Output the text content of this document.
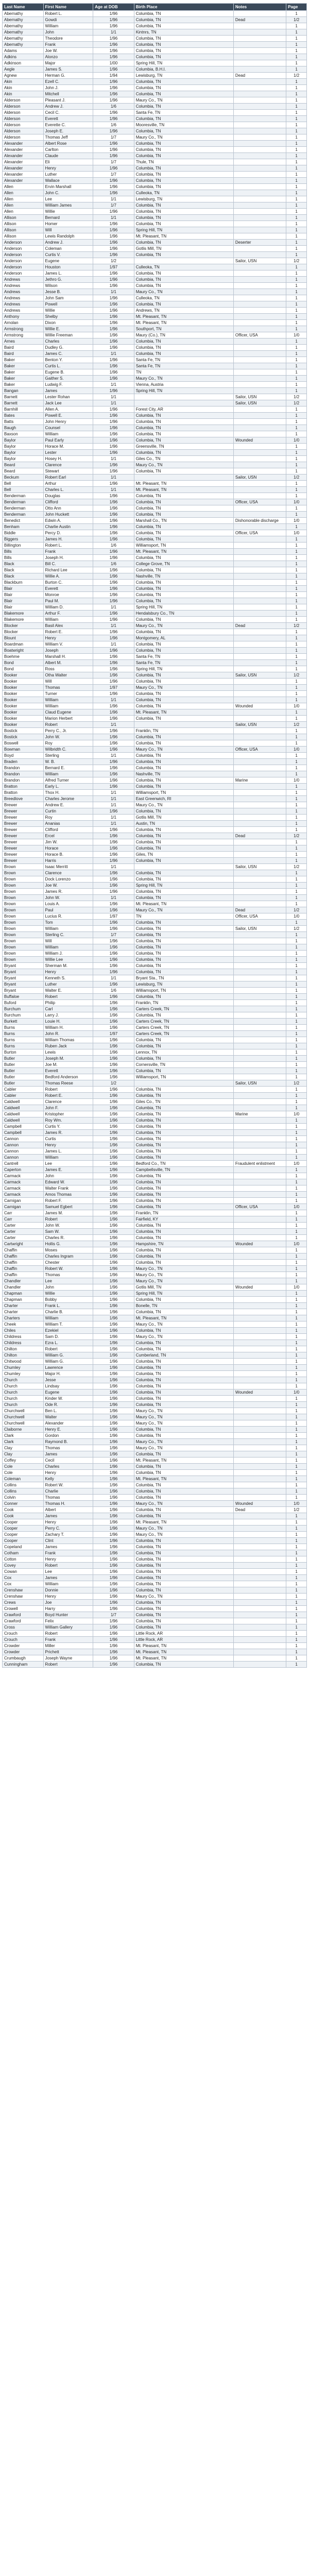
Last Name	First Name	Age at DOB	Birth Place	Notes	Page
Abernathy	Robert L.	1/96	Columbia, TN		1
Abernathy	Gowdi	1/96	Columbia, TN	Dead	1/2
Abernathy	William	1/96	Columbia, TN		1
Abernathy	John	1/1	Kintnrs, TN		1
Abernathy	Theodore	1/96	Columbia, TN		1
Abernathy	Frank	1/96	Columbia, TN		1
Adams	Joe W.	1/96	Columbia, TN		1
Adkins	Alonzo	1/96	Columbia, TN		1
Adkinson	Major	1/00	Spring Hill, TN		1
Aegle	James S.	1/96	Columbia, B.H.I.		1
Agnew	Herman G.	1/94	Lewisburg, TN	Dead	1/2
Akin	Ezell C.	1/96	Columbia, TN		1
Akin	John J.	1/96	Columbia, TN		1
Akin	Mitchell	1/96	Columbia, TN		1
Alderson	Pleasant J.	1/96	Maury Co., TN		1
Alderson	Andrew J.	1/6	Columbia, TN		1
Alderson	Cecil C.	1/96	Santa Fe, TN		1
Alderson	Everett	1/96	Columbia, TN		1
Alderson	Everette C.	1/6	Mooresville, TN		1
Alderson	Joseph E.	1/96	Columbia, TN		1
Alderson	Thomas Jeff	1/7	Maury Co., TN		1
Alexander	Albert Rose	1/96	Columbia, TN		1
Alexander	Carlton	1/96	Columbia, TN		1
Alexander	Claude	1/96	Columbia, TN		1
Alexander	Eli	1/7	Thule, TN		1
Alexander	Henry	1/96	Columbia, TN		1
Alexander	Luther	1/7	Columbia, TN		1
Alexander	Wallace	1/96	Columbia, TN		1
Allen	Ervin Marshall	1/96	Columbia, TN		1
Allen	John C.	1/96	Culleoka, TN		1
Allen	Lee	1/1	Lewisburg, TN		1
Allen	William James	1/7	Columbia, TN		1
Allen	Willie	1/96	Columbia, TN		1
Allison	Bernard	1/1	Columbia, TN		1
Allison	Homer	1/96	Columbia, TN		1
Allison	Will	1/96	Spring Hill, TN		1
Allison	Lewis Randolph	1/96	Mt. Pleasant, TN		1
Anderson	Andrew J.	1/96	Columbia, TN	Deserter	1
Anderson	Coleman	1/96	Gotlis Mill, TN		1
Anderson	Curtis V.	1/96	Columbia, TN		1
Anderson	Eugene	1/2		Sailor, USN	1/2
Anderson	Houston	1/97	Culleoka, TN		1
Anderson	James L.	1/96	Columbia, TN		1
Andrews	Jethro G.	1/96	Columbia, TN		1
Andrews	Wilson	1/96	Columbia, TN		1
Andrews	Jesse B.	1/1	Maury Co., TN		1
Andrews	John Sam	1/96	Culleoka, TN		1
Andrews	Powell	1/96	Columbia, TN		1
Andrews	Willie	1/96	Andrews, TN		1
Anthony	Shelby	1/96	Mt. Pleasant, TN		1
Arnolan	Dixon	1/96	Mt. Pleasant, TN		1
Armstrong	Willie E.	1/96	Southport, TN		1
Armstrong	Willie Freeman	1/96	Maury (Co.), TN	Officer, USA	1/0
Arnes	Charles	1/96	Columbia, TN		1
Baird	Dudley G.	1/96	Columbia, TN		1
Baird	James C.	1/1	Columbia, TN		1
Baker	Benton Y.	1/96	Santa Fe, TN		1
Baker	Curtis L.	1/96	Santa Fe, TN		1
Baker	Eugene B.	1/96	TN		1
Baker	Gaither S.	1/96	Maury Co., TN		1
Baker	Ludwig F.	1/1	Vienna, Austria		1
Bangan	James	1/96	Spring Hill, TN		1
Barnett	Lester Rohan	1/1		Sailor, USN	1/2
Barnett	Jack Lee	1/1		Sailor, USN	1/2
Barnhill	Allen A.	1/96	Forest City, AR		1
Bates	Powell E.	1/96	Columbia, TN		1
Batts	John Henry	1/96	Columbia, TN		1
Baugh	Counsel	1/96	Columbia, TN		1
Baxson	William	1/96	Columbia, TN		1
Baylor	Paul Early	1/96	Columbia, TN	Wounded	1/0
Baylor	Horace M.	1/96	Greensville, TN		1
Baylor	Lester	1/96	Columbia, TN		1
Baylor	Hosey H.	1/1	Giles Co., TN		1
Beard	Clarence	1/96	Maury Co., TN		1
Beard	Stewart	1/96	Columbia, TN		1
Beckum	Robert Earl	1/1		Sailor, USN	1/2
Bell	Arthur	1/96	Mt. Pleasant, TN		1
Bell	Charles L.	1/1	Mt. Pleasant, TN		1
Benderman	Douglas	1/96	Columbia, TN		1
Benderman	Clifford	1/96	Columbia, TN	Officer, USA	1/0
Benderman	Otto Ann	1/96	Columbia, TN		1
Benderman	John Huckett	1/96	Columbia, TN		1
Benedict	Edwin A.	1/96	Marshall Co., TN	Dishonorable discharge	1/0
Benham	Charlie Austin	1/96	Columbia, TN		1
Biddle	Percy D.	1/96	Columbia, TN	Officer, USA	1/0
Biggers	James H.	1/96	Columbia, TN		1
Billington	Robert L.	1/6	Williamsport, TN		1
Bills	Frank	1/96	Mt. Pleasant, TN		1
Bills	Joseph H.	1/96	Columbia, TN		1
Black	Bill C.	1/6	College Grove, TN		1
Black	Richard Lee	1/96	Columbia, TN		1
Black	Willie A.	1/96	Nashville, TN		1
Blackburn	Burton C.	1/96	Columbia, TN		1
Blair	Everett	1/96	Columbia, TN		1
Blair	Monroe	1/96	Columbia, TN		1
Blair	Paul M.	1/96	Columbia, TN		1
Blair	William D.	1/1	Spring Hill, TN		1
Blakemore	Arthur F.	1/96	Hendalsbury Co., TN		1
Blakemore	William	1/96	Columbia, TN		1
Blocker	Basil Alex	1/1	Maury Co., TN	Dead	1/2
Blocker	Robert E.	1/96	Columbia, TN		1
Blount	Henry	1/96	Montgomery, AL		1
Boardman	William V.	1/1	Columbia, TN		1
Boatwright	Joseph	1/96	Columbia, TN		1
Boehme	Marshall H.	1/96	Santa Fe, TN		1
Bond	Albert M.	1/96	Santa Fe, TN		1
Bond	Ross	1/96	Spring Hill, TN		1
Booker	Otha Walter	1/96	Columbia, TN	Sailor, USN	1/2
Booker	Will	1/96	Columbia, TN		1
Booker	Thomas	1/97	Maury Co., TN		1
Booker	Turner	1/96	Columbia, TN		1
Booker	William	1/1	Columbia, TN		1
Booker	William	1/96	Columbia, TN	Wounded	1/0
Booker	Claud Eugene	1/96	Mt. Pleasant, TN		1
Booker	Marion Herbert	1/96	Columbia, TN		1
Booker	Robert	1/1		Sailor, USN	1/2
Bostick	Perry C., Jr.	1/96	Franklin, TN		1
Bostick	John W.	1/96	Columbia, TN		1
Boswell	Roy	1/96	Columbia, TN		1
Bowman	Wilbridth C.	1/96	Maury Co., TN	Officer, USA	1/0
Boyd	Sterling	1/1	Columbia, TN		1
Braden	W. B.	1/96	Columbia, TN		1
Brandon	Bernard E.	1/96	Columbia, TN		1
Brandon	William	1/96	Nashville, TN		1
Brandon	Alfred Turner	1/96	Columbia, TN	Marine	1/0
Bratton	Early L.	1/96	Columbia, TN		1
Bratton	Thox H.	1/1	Williamsport, TN		1
Breedlove	Charles Jerome	1/1	East Greenwich, RI		1
Brewer	Andrew E.	1/1	Maury Co., TN		1
Brewer	Curtin	1/96	Columbia, TN		1
Brewer	Roy	1/1	Gotlis Mill, TN		1
Brewer	Ananias	1/1	Austin, TN		1
Brewer	Clifford	1/96	Columbia, TN		1
Brewer	Ercel	1/96	Columbia, TN	Dead	1/2
Brewer	Jim W.	1/96	Columbia, TN		1
Brewer	Horace	1/96	Columbia, TN		1
Brewer	Horace B.	1/96	Giles, TN		1
Brewer	Harris	1/96	Columbia, TN		1
Brown	Isaac Merritt	1/1		Sailor, USN	1/2
Brown	Clarence	1/96	Columbia, TN		1
Brown	Dock Lorenzo	1/96	Columbia, TN		1
Brown	Joe W.	1/96	Spring Hill, TN		1
Brown	James R.	1/96	Columbia, TN		1
Brown	John W.	1/1	Columbia, TN		1
Brown	Louis A.	1/96	Mt. Pleasant, TN		1
Brown	Paul	1/96	Maury Co., TN	Dead	1/2
Brown	Lucius R.	1/97	TN	Officer, USA	1/0
Brown	Tom	1/96	Columbia, TN		1
Brown	William	1/96	Columbia, TN	Sailor, USN	1/2
Brown	Sterling C.	1/7	Columbia, TN		1
Brown	Will	1/96	Columbia, TN		1
Brown	William	1/96	Columbia, TN		1
Brown	William J.	1/96	Columbia, TN		1
Brown	Willie Lee	1/96	Columbia, TN		1
Bryant	Sherman M.	1/96	Columbia, TN		1
Bryant	Henry	1/96	Columbia, TN		1
Bryant	Kenneth S.	1/1	Bryant Sta., TN		1
Bryant	Luther	1/96	Lewisburg, TN		1
Bryant	Walter E.	1/6	Williamsport, TN		1
Buffaloe	Robert	1/96	Columbia, TN		1
Buford	Philip	1/96	Franklin, TN		1
Burchum	Carl	1/96	Carters Creek, TN		1
Burchum	Larry J.	1/96	Columbia, TN		1
Burkett	Louie H.	1/96	Carters Creek, TN		1
Burns	William H.	1/96	Carters Creek, TN		1
Burns	John R.	1/97	Carters Creek, TN		1
Burns	William Thomas	1/96	Columbia, TN		1
Burns	Ruben Jack	1/96	Columbia, TN		1
Burton	Lewis	1/96	Lennox, TN		1
Butler	Joseph M.	1/96	Columbia, TN		1
Butler	Joe M.	1/96	Cornersville, TN		1
Butler	Everett	1/96	Columbia, TN		1
Butler	Bedford Anderson	1/96	Williamsport, TN		1
Butler	Thomas Reese	1/2		Sailor, USN	1/2
Cabler	Robert	1/96	Columbia, TN		1
Cabler	Robert E.	1/96	Columbia, TN		1
Caldwell	Clarence	1/96	Giles Co., TN		1
Caldwell	John F.	1/96	Columbia, TN		1
Caldwell	Kristopher	1/96	Columbia, TN	Marine	1/0
Caldwell	Roy Wm.	1/96	Columbia, TN		1
Campbell	Curtis Y.	1/96	Columbia, TN		1
Campbell	James R.	1/96	Columbia, TN		1
Cannon	Curtis	1/96	Columbia, TN		1
Cannon	Henry	1/96	Columbia, TN		1
Cannon	James L.	1/96	Columbia, TN		1
Cannon	William	1/96	Columbia, TN		1
Cantrell	Lee	1/96	Bedford Co., TN	Fraudulent enlistment	1/0
Caperton	James E.	1/96	Campbellsville, TN		1
Carmack	John	1/96	Columbia, TN		1
Carmack	Edward W.	1/96	Columbia, TN		1
Carmack	Walter Frank	1/96	Columbia, TN		1
Carmack	Amos Thomas	1/96	Columbia, TN		1
Carnigan	Robert F.	1/96	Columbia, TN		1
Carnigan	Samuel Egbert	1/96	Columbia, TN	Officer, USA	1/0
Carr	James M.	1/96	Franklin, TN		1
Carr	Robert	1/96	Fairfield, KY		1
Carter	John W.	1/96	Columbia, TN		1
Carter	Sam W.	1/96	Columbia, TN		1
Carter	Charles R.	1/96	Columbia, TN		1
Cartwright	Hollis G.	1/96	Hampshire, TN	Wounded	1/0
Chaffin	Moses	1/96	Columbia, TN		1
Chaffin	Charles Ingram	1/96	Columbia, TN		1
Chaffin	Chester	1/96	Columbia, TN		1
Chaffin	Robert W.	1/96	Maury Co., TN		1
Chaffin	Thomas	1/96	Maury Co., TN		1
Chandler	Lee	1/96	Maury Co., TN		1
Chandler	John	1/96	Gotlis Mill, TN	Wounded	1/0
Chapman	Willie	1/96	Spring Hill, TN		1
Chapman	Bobby	1/96	Columbia, TN		1
Charter	Frank L.	1/96	Bonelle, TN		1
Charter	Charlie B.	1/96	Columbia, TN		1
Charters	William	1/96	Mt. Pleasant, TN		1
Cheek	William T.	1/96	Maury Co., TN		1
Chiles	Ezekiel	1/96	Columbia, TN		1
Childress	Sam D.	1/96	Maury Co., TN		1
Childress	Ezra L.	1/96	Columbia, TN		1
Chilton	Robert	1/96	Columbia, TN		1
Chilton	William G.	1/96	Cumberland, TN		1
Chitwood	William G.	1/96	Columbia, TN		1
Chumley	Lawrence	1/96	Columbia, TN		1
Chumley	Major H.	1/96	Columbia, TN		1
Church	Jesse	1/96	Columbia, TN		1
Church	Lindsay	1/96	Columbia, TN		1
Church	Eugene	1/96	Columbia, TN	Wounded	1/0
Church	Kinder W.	1/96	Columbia, TN		1
Church	Ode R.	1/96	Columbia, TN		1
Churchwell	Ben L.	1/96	Maury Co., TN		1
Churchwell	Walter	1/96	Maury Co., TN		1
Churchwell	Alexander	1/96	Maury Co., TN		1
Claiborne	Henry E.	1/96	Columbia, TN		1
Clark	Gordon	1/96	Columbia, TN		1
Clark	Raymond B.	1/96	Maury Co., TN		1
Clay	Thomas	1/96	Maury Co., TN		1
Clay	James	1/96	Columbia, TN		1
Coffey	Cecil	1/96	Mt. Pleasant, TN		1
Cole	Charles	1/96	Columbia, TN		1
Cole	Henry	1/96	Columbia, TN		1
Coleman	Kelly	1/96	Mt. Pleasant, TN		1
Collins	Robert W.	1/96	Columbia, TN		1
Collins	Charlie	1/96	Columbia, TN		1
Colvin	Thomas	1/96	Columbia, TN		1
Conner	Thomas H.	1/96	Maury Co., TN	Wounded	1/0
Cook	Albert	1/96	Columbia, TN	Dead	1/2
Cook	James	1/96	Columbia, TN		1
Cooper	Henry	1/96	Mt. Pleasant, TN		1
Cooper	Perry C.	1/96	Maury Co., TN		1
Cooper	Zachary T.	1/96	Maury Co., TN		1
Cooper	Clint	1/96	Columbia, TN		1
Copeland	James	1/96	Columbia, TN		1
Cotham	Frank	1/96	Columbia, TN		1
Cotton	Henry	1/96	Columbia, TN		1
Covey	Robert	1/96	Columbia, TN		1
Cowan	Lee	1/96	Columbia, TN		1
Cox	James	1/96	Columbia, TN		1
Cox	William	1/96	Columbia, TN		1
Crenshaw	Donnie	1/96	Columbia, TN		1
Crenshaw	Henry	1/96	Maury Co., TN		1
Crews	Joe	1/96	Columbia, TN		1
Crowell	Harry	1/96	Columbia, TN		1
Crawford	Boyd Hunter	1/7	Columbia, TN		1
Crawford	Felix	1/96	Columbia, TN		1
Cross	William Gallery	1/96	Columbia, TN		1
Crouch	Robert	1/96	Little Rock, AR		1
Crouch	Frank	1/96	Little Rock, AR		1
Crowder	Miller	1/96	Mt. Pleasant, TN		1
Crowder	Prichett	1/96	Mt. Pleasant, TN		1
Crumbaugh	Joseph Wayne	1/96	Mt. Pleasant, TN		1
Cunningham	Robert	1/96	Columbia, TN		1
